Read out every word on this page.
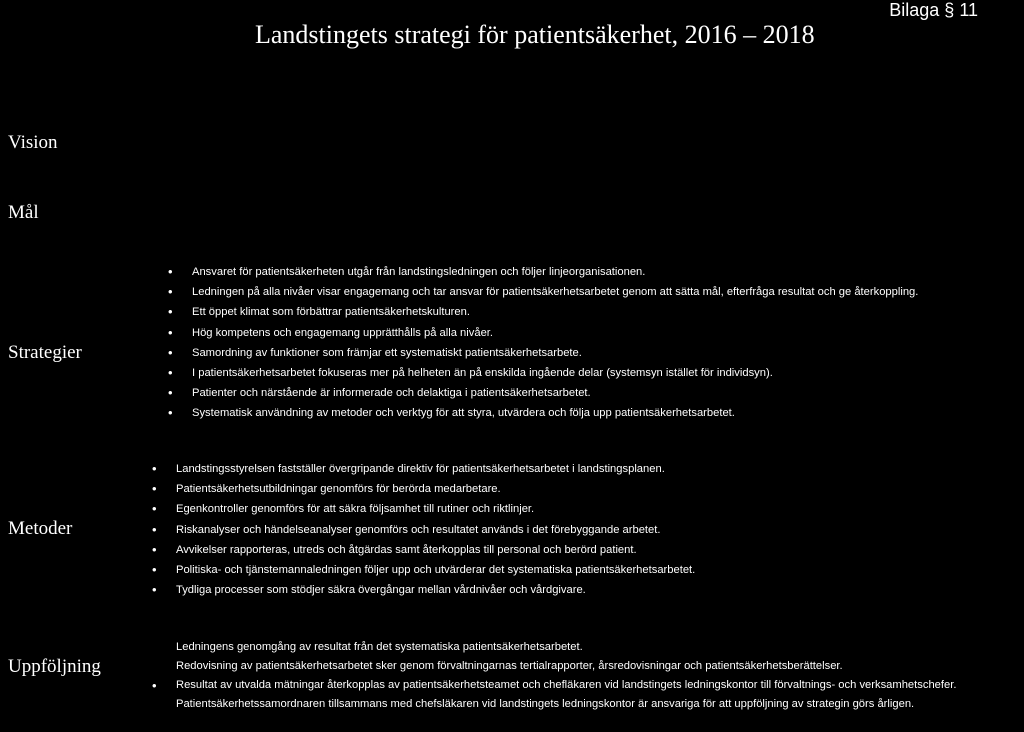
Landstingets strategi för patientsäkerhet, 2016 – 2018
Bilaga § 11
Vision
Mål
Strategier
• Ansvaret för patientsäkerheten utgår från landstingsledningen och följer linjeorganisationen.
• Ledningen på alla nivåer visar engagemang och tar ansvar för patientsäkerhetsarbetet genom att sätta mål, efterfråga resultat och ge återkoppling.
• Ett öppet klimat som förbättrar patientsäkerhetskulturen.
• Hög kompetens och engagemang upprätthålls på alla nivåer.
• Samordning av funktioner som främjar ett systematiskt patientsäkerhetsarbete.
• I patientsäkerhetsarbetet fokuseras mer på helheten än på enskilda ingående delar (systemsyn istället för individsyn).
• Patienter och närstående är informerade och delaktiga i patientsäkerhetsarbetet.
• Systematisk användning av metoder och verktyg för att styra, utvärdera och följa upp patientsäkerhetsarbetet.
Metoder
• Landstingsstyrelsen fastställer övergripande direktiv för patientsäkerhetsarbetet i landstingsplanen.
• Patientsäkerhetsutbildningar genomförs för berörda medarbetare.
• Egenkontroller genomförs för att säkra följsamhet till rutiner och riktlinjer.
• Riskanalyser och händelseanalyser genomförs och resultatet används i det förebyggande arbetet.
• Avvikelser rapporteras, utreds och åtgärdas samt återkopplas till personal och berörd patient.
• Politiska- och tjänstemannaledningen följer upp och utvärderar det systematiska patientsäkerhetsarbetet.
• Tydliga processer som stödjer säkra övergångar mellan vårdnivåer och vårdgivare.
Uppföljning
Ledningens genomgång av resultat från det systematiska patientsäkerhetsarbetet.
Redovisning av patientsäkerhetsarbetet sker genom förvaltningarnas tertialrapporter, årsredovisningar och patientsäkerhetsberättelser.
• Resultat av utvalda mätningar återkopplas av patientsäkerhetsteamet och chefläkaren vid landstingets ledningskontor till förvaltnings- och verksamhetschefer.
Patientsäkerhetssamordnaren tillsammans med chefsläkaren vid landstingets ledningskontor är ansvariga för att uppföljning av strategin görs årligen.
